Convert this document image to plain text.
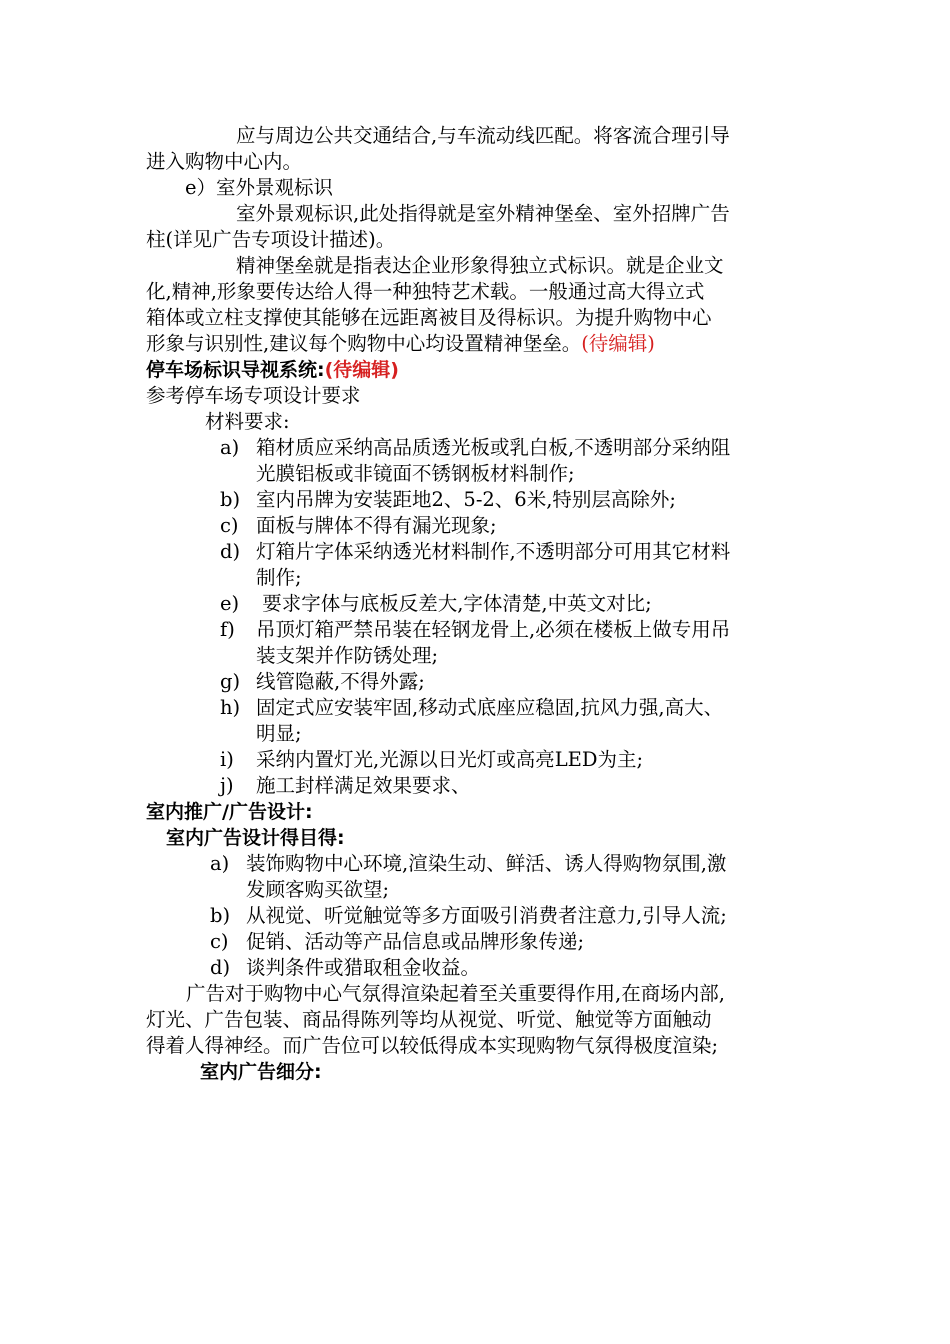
应与周边公共交通结合,与车流动线匹配。将客流合理引导
进入购物中心内。
e）室外景观标识
室外景观标识,此处指得就是室外精神堡垒、室外招牌广告
柱(详见广告专项设计描述)。
精神堡垒就是指表达企业形象得独立式标识。就是企业文
化,精神,形象要传达给人得一种独特艺术载。一般通过高大得立式
箱体或立柱支撑使其能够在远距离被目及得标识。为提升购物中心
形象与识别性,建议每个购物中心均设置精神堡垒。(待编辑)
停车场标识导视系统:(待编辑)
参考停车场专项设计要求
材料要求:
a) 箱材质应采纳高品质透光板或乳白板,不透明部分采纳阻
光膜铝板或非镜面不锈钢板材料制作;
b) 室内吊牌为安装距地2、5-2、6米,特别层高除外;
c) 面板与牌体不得有漏光现象;
d) 灯箱片字体采纳透光材料制作,不透明部分可用其它材料
制作;
e) 要求字体与底板反差大,字体清楚,中英文对比;
f) 吊顶灯箱严禁吊装在轻钢龙骨上,必须在楼板上做专用吊
装支架并作防锈处理;
g) 线管隐蔽,不得外露;
h) 固定式应安装牢固,移动式底座应稳固,抗风力强,高大、
明显;
i) 采纳内置灯光,光源以日光灯或高亮LED为主;
j) 施工封样满足效果要求、
室内推广/广告设计:
室内广告设计得目得:
a) 装饰购物中心环境,渲染生动、鲜活、诱人得购物氛围,激
发顾客购买欲望;
b) 从视觉、听觉触觉等多方面吸引消费者注意力,引导人流;
c) 促销、活动等产品信息或品牌形象传递;
d) 谈判条件或猎取租金收益。
广告对于购物中心气氛得渲染起着至关重要得作用,在商场内部,
灯光、广告包装、商品得陈列等均从视觉、听觉、触觉等方面触动
得着人得神经。而广告位可以较低得成本实现购物气氛得极度渲染;
室内广告细分:
